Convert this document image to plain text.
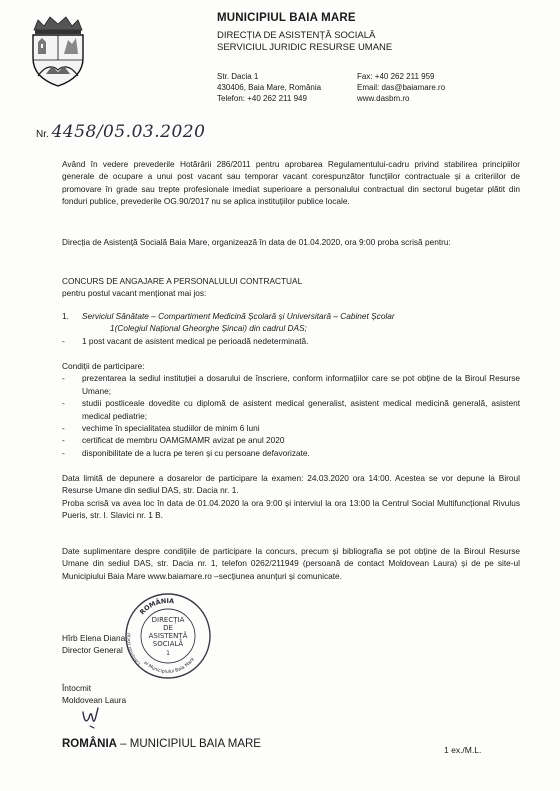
MUNICIPIUL BAIA MARE
DIRECȚIA DE ASISTENȚĂ SOCIALĂ
SERVICIUL JURIDIC RESURSE UMANE
Str. Dacia 1
430406, Baia Mare, România
Telefon: +40 262 211 949
Fax: +40 262 211 959
Email: das@baiamare.ro
www.dasbm.ro
Nr. 4458/05.03.2020
Având în vedere prevederile Hotărârii 286/2011 pentru aprobarea Regulamentului-cadru privind stabilirea principiilor generale de ocupare a unui post vacant sau temporar vacant corespunzător funcțiilor contractuale și a criteriilor de promovare în grade sau trepte profesionale imediat superioare a personalului contractual din sectorul bugetar plătit din fonduri publice, prevederile OG.90/2017 nu se aplica instituțiilor publice locale.
Direcția de Asistență Socială Baia Mare, organizează în data de 01.04.2020, ora 9:00 proba scrisă pentru:
CONCURS DE ANGAJARE A PERSONALULUI CONTRACTUAL
pentru postul vacant menționat mai jos:
1. Serviciul Sănătate – Compartiment Medicină Școlară și Universitară – Cabinet Școlar
1(Colegiul Național Gheorghe Șincai) din cadrul DAS;
- 1 post vacant de asistent medical pe perioadă nedeterminată.
Condiții de participare:
- prezentarea la sediul instituției a dosarului de înscriere, conform informațiilor care se pot obține de la Biroul Resurse Umane;
- studii postliceale dovedite cu diplomă de asistent medical generalist, asistent medical medicină generală, asistent medical pediatrie;
- vechime în specialitatea studiilor de minim 6 luni
- certificat de membru OAMGMAMR avizat pe anul 2020
- disponibilitate de a lucra pe teren și cu persoane defavorizate.
Data limită de depunere a dosarelor de participare la examen: 24.03.2020 ora 14:00. Acestea se vor depune la Biroul Resurse Umane din sediul DAS, str. Dacia nr. 1.
Proba scrisă va avea loc în data de 01.04.2020 la ora 9:00 și interviul la ora 13:00 la Centrul Social Multifuncțional Rivulus Pueris, str. I. Slavici nr. 1 B.
Date suplimentare despre condițiile de participare la concurs, precum și bibliografia se pot obține de la Biroul Resurse Umane din sediul DAS, str. Dacia nr. 1, telefon 0262/211949 (persoană de contact Moldovean Laura) și de pe site-ul Municipiului Baia Mare www.baiamare.ro –secțiunea anunțuri și comunicate.
Hîrb Elena Diana
Director General
ROMÂNIA
Consiliul Local
al Municipiului Baia Mare
DIRECȚIA
DE
ASISTENȚĂ
SOCIALĂ
1
Întocmit
Moldovean Laura
ROMÂNIA – MUNICIPIUL BAIA MARE	1 ex./M.L.
